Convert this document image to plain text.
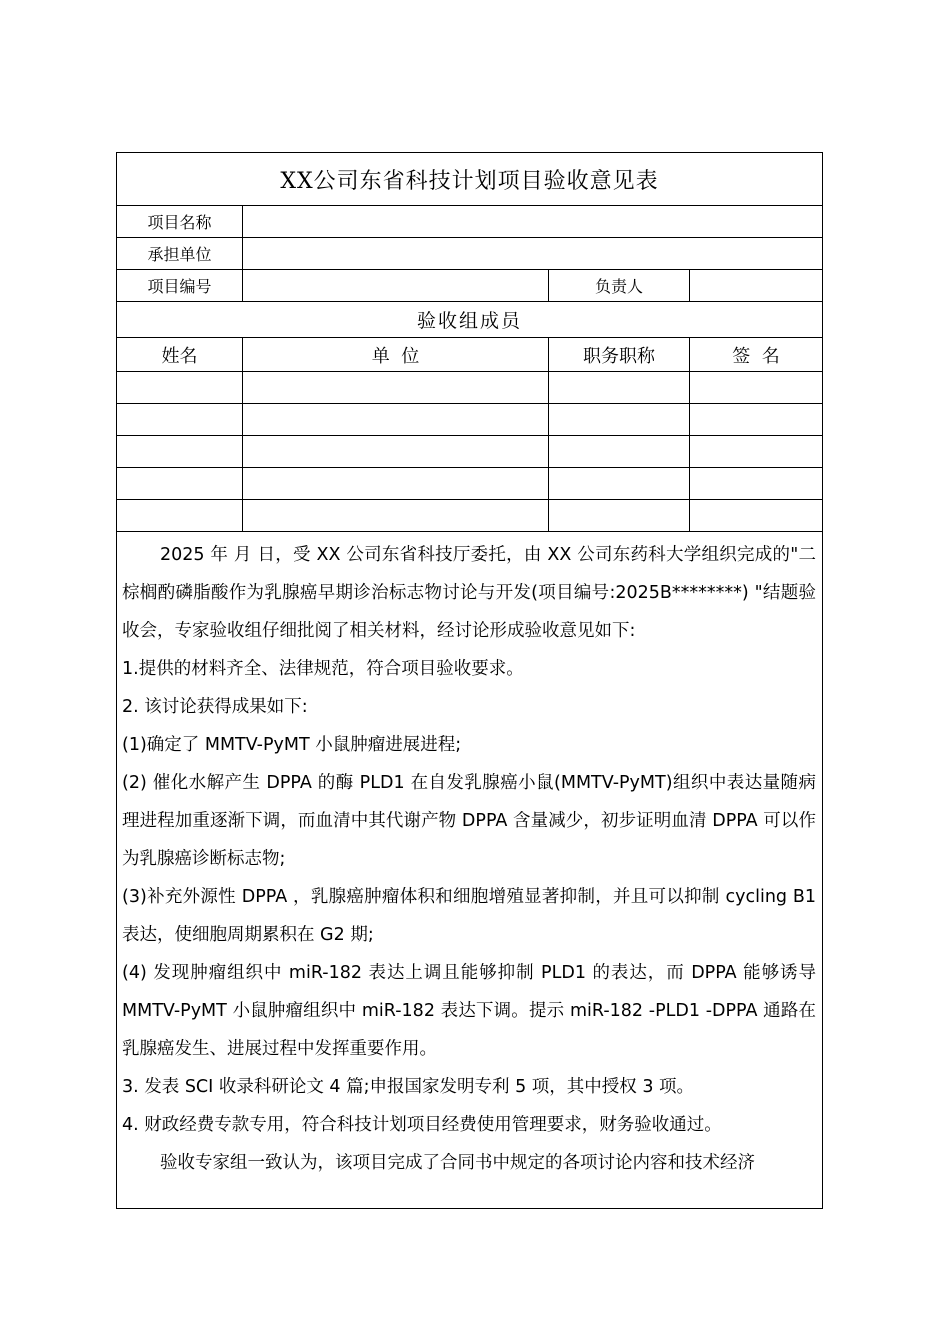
XX公司东省科技计划项目验收意见表
项目名称
承担单位
项目编号	负责人
验收组成员
姓名	单  位	职务职称	签  名

2025 年 月 日，受 XX 公司东省科技厅委托，由 XX 公司东药科大学组织完成的"二棕榈酌磷脂酸作为乳腺癌早期诊治标志物讨论与开发(项目编号:2025B********) "结题验收会，专家验收组仔细批阅了相关材料，经讨论形成验收意见如下:

1.提供的材料齐全、法律规范，符合项目验收要求。

2. 该讨论获得成果如下:

(1)确定了 MMTV-PyMT 小鼠肿瘤进展进程;

(2) 催化水解产生 DPPA 的酶 PLD1 在自发乳腺癌小鼠(MMTV-PyMT)组织中表达量随病理进程加重逐渐下调，而血清中其代谢产物 DPPA 含量减少，初步证明血清 DPPA 可以作为乳腺癌诊断标志物;

(3)补充外源性 DPPA ，乳腺癌肿瘤体积和细胞增殖显著抑制，并且可以抑制 cycling B1 表达，使细胞周期累积在 G2 期;

(4) 发现肿瘤组织中 miR-182 表达上调且能够抑制 PLD1 的表达，而 DPPA 能够诱导 MMTV-PyMT 小鼠肿瘤组织中 miR-182 表达下调。提示 miR-182 -PLD1 -DPPA 通路在乳腺癌发生、进展过程中发挥重要作用。

3. 发表 SCI 收录科研论文 4 篇;申报国家发明专利 5 项，其中授权 3 项。

4. 财政经费专款专用，符合科技计划项目经费使用管理要求，财务验收通过。

验收专家组一致认为，该项目完成了合同书中规定的各项讨论内容和技术经济
